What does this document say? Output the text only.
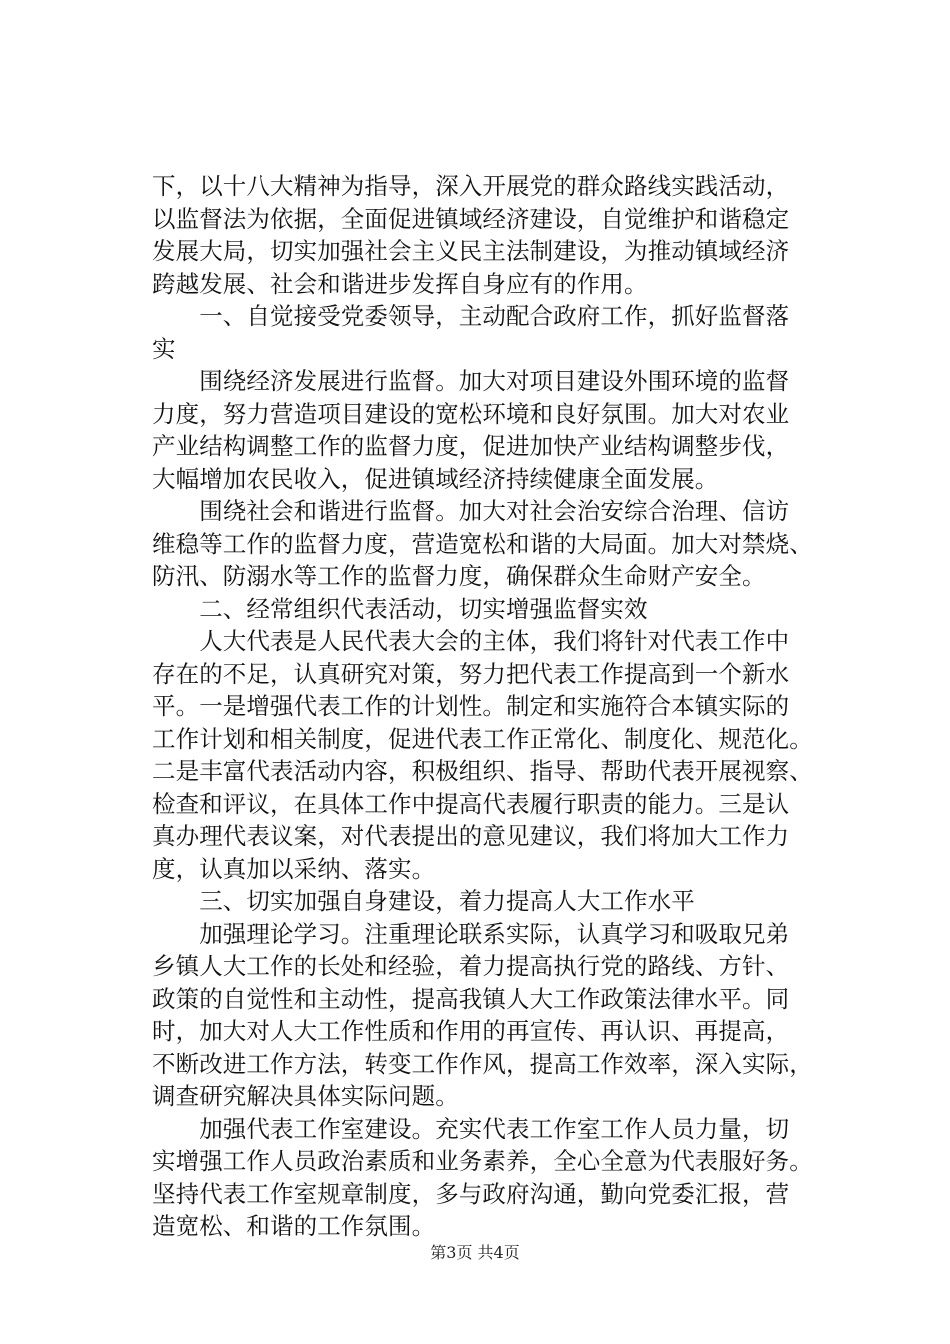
下，以十八大精神为指导，深入开展党的群众路线实践活动，
以监督法为依据，全面促进镇域经济建设，自觉维护和谐稳定
发展大局，切实加强社会主义民主法制建设，为推动镇域经济
跨越发展、社会和谐进步发挥自身应有的作用。
　　一、自觉接受党委领导，主动配合政府工作，抓好监督落
实
　　围绕经济发展进行监督。加大对项目建设外围环境的监督
力度，努力营造项目建设的宽松环境和良好氛围。加大对农业
产业结构调整工作的监督力度，促进加快产业结构调整步伐，
大幅增加农民收入，促进镇域经济持续健康全面发展。
　　围绕社会和谐进行监督。加大对社会治安综合治理、信访
维稳等工作的监督力度，营造宽松和谐的大局面。加大对禁烧、
防汛、防溺水等工作的监督力度，确保群众生命财产安全。
　　二、经常组织代表活动，切实增强监督实效
　　人大代表是人民代表大会的主体，我们将针对代表工作中
存在的不足，认真研究对策，努力把代表工作提高到一个新水
平。一是增强代表工作的计划性。制定和实施符合本镇实际的
工作计划和相关制度，促进代表工作正常化、制度化、规范化。
二是丰富代表活动内容，积极组织、指导、帮助代表开展视察、
检查和评议，在具体工作中提高代表履行职责的能力。三是认
真办理代表议案，对代表提出的意见建议，我们将加大工作力
度，认真加以采纳、落实。
　　三、切实加强自身建设，着力提高人大工作水平
　　加强理论学习。注重理论联系实际，认真学习和吸取兄弟
乡镇人大工作的长处和经验，着力提高执行党的路线、方针、
政策的自觉性和主动性，提高我镇人大工作政策法律水平。同
时，加大对人大工作性质和作用的再宣传、再认识、再提高，
不断改进工作方法，转变工作作风，提高工作效率，深入实际，
调查研究解决具体实际问题。
　　加强代表工作室建设。充实代表工作室工作人员力量，切
实增强工作人员政治素质和业务素养，全心全意为代表服好务。
坚持代表工作室规章制度，多与政府沟通，勤向党委汇报，营
造宽松、和谐的工作氛围。
第3页 共4页
